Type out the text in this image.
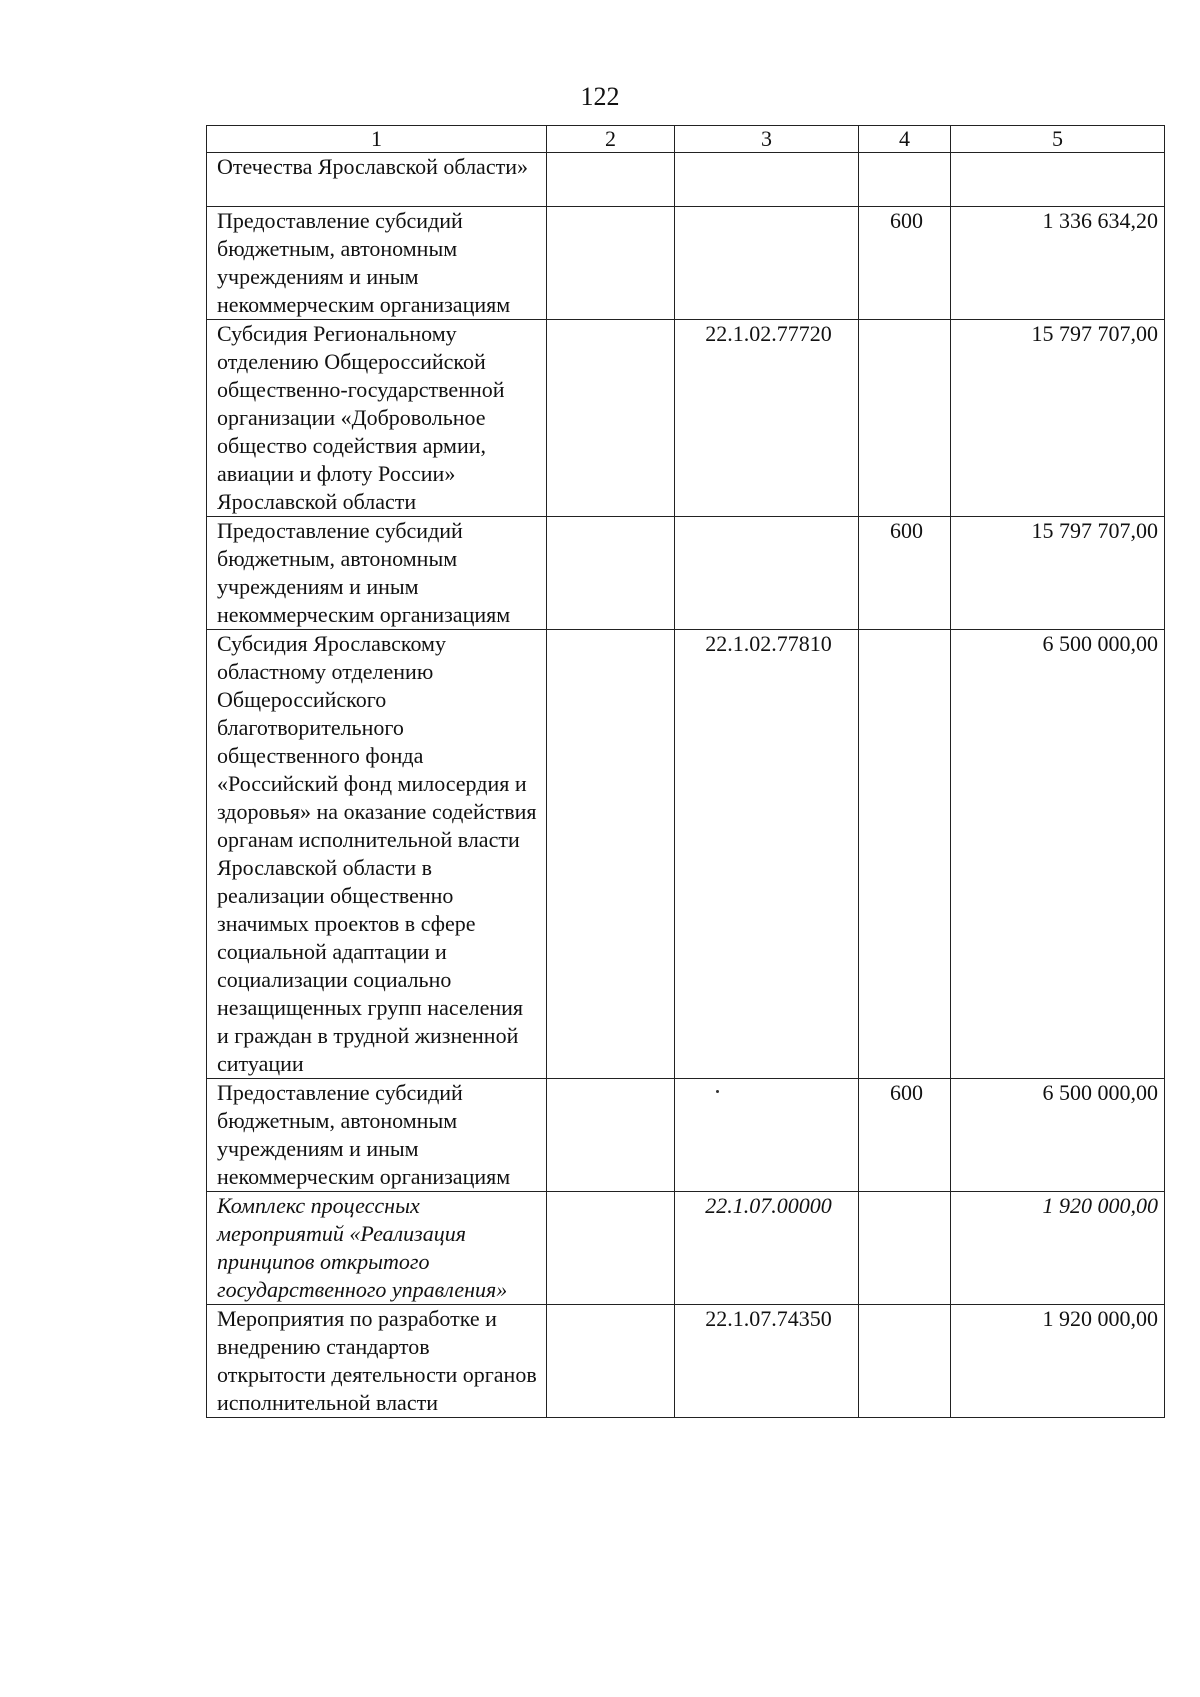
122
1	2	3	4	5
Отечества Ярославской области»				
Предоставление субсидий бюджетным, автономным учреждениям и иным некоммерческим организациям			600	1 336 634,20
Субсидия Региональному отделению Общероссийской общественно-государственной организации «Добровольное общество содействия армии, авиации и флоту России» Ярославской области		22.1.02.77720		15 797 707,00
Предоставление субсидий бюджетным, автономным учреждениям и иным некоммерческим организациям			600	15 797 707,00
Субсидия Ярославскому областному отделению Общероссийского благотворительного общественного фонда «Российский фонд милосердия и здоровья» на оказание содействия органам исполнительной власти Ярославской области в реализации общественно значимых проектов в сфере социальной адаптации и социализации социально незащищенных групп населения и граждан в трудной жизненной ситуации		22.1.02.77810		6 500 000,00
Предоставление субсидий бюджетным, автономным учреждениям и иным некоммерческим организациям			600	6 500 000,00
Комплекс процессных мероприятий «Реализация принципов открытого государственного управления»		22.1.07.00000		1 920 000,00
Мероприятия по разработке и внедрению стандартов открытости деятельности органов исполнительной власти		22.1.07.74350		1 920 000,00
